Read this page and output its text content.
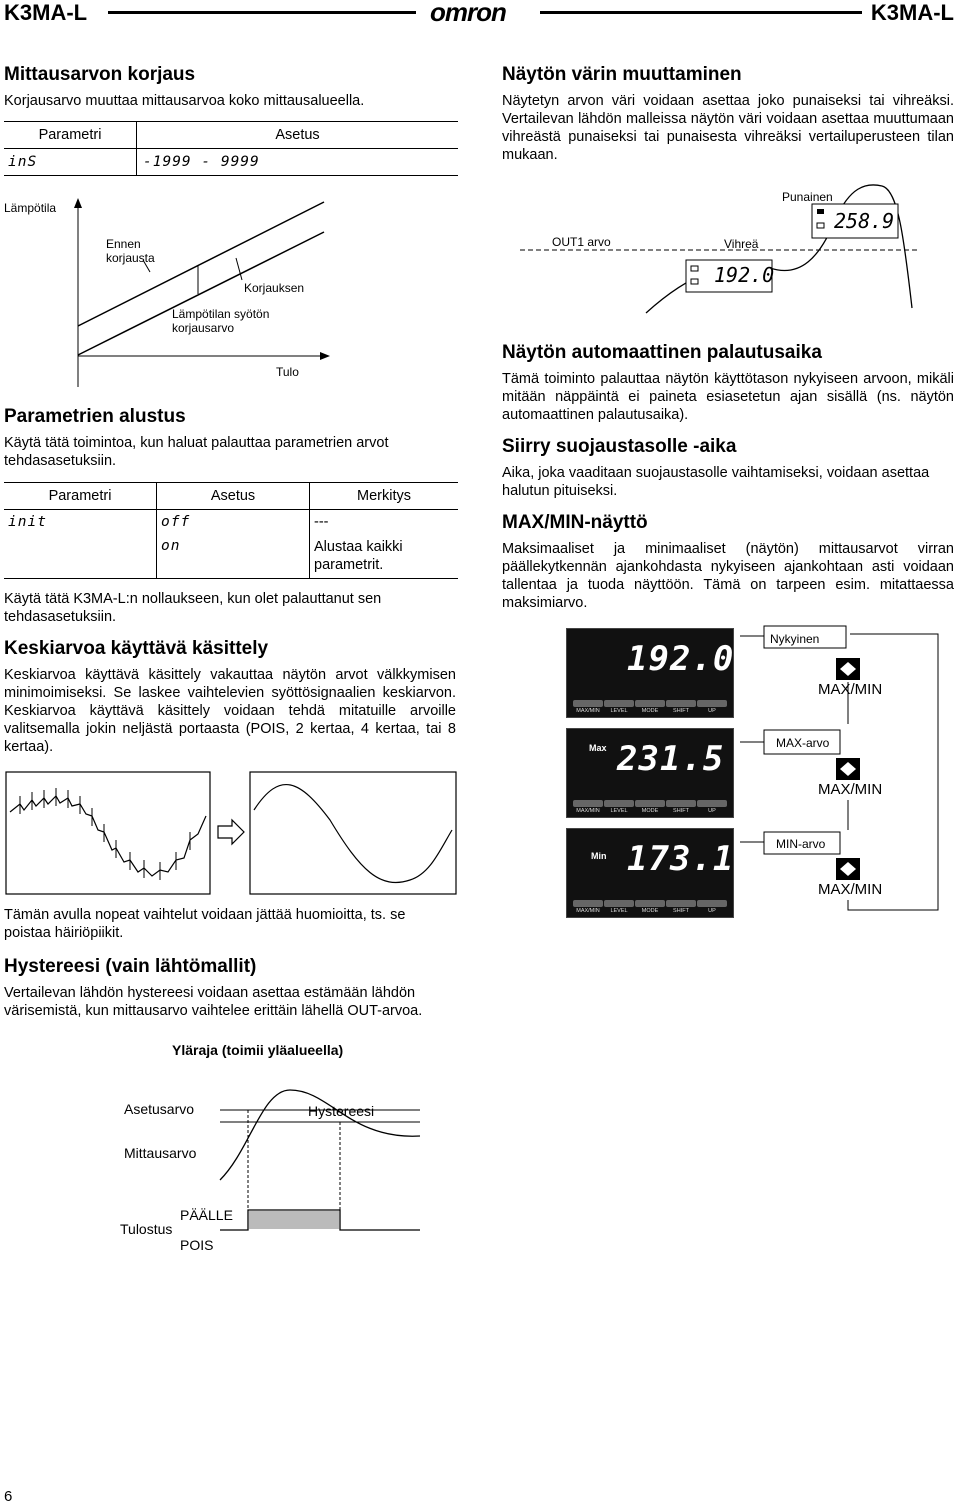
K3MA-L	omron	K3MA-L
Mittausarvon korjaus

Korjausarvo muuttaa mittausarvoa koko mittausalueella.

Parametri	Asetus
inS	-1999 - 9999
Lämpötila
Ennen
korjausta
Korjauksen
Lämpötilan syötön
korjausarvo
Tulo
Näytön värin muuttaminen

Näytetyn arvon väri voidaan asettaa joko punaiseksi tai vihreäksi. Vertailevan lähdön malleissa näytön väri voidaan asettaa muuttumaan vihreästä punaiseksi tai punaisesta vihreäksi vertailuperusteen tilan mukaan.

258.9
192.0
Punainen
OUT1 arvo	Vihreä
Parametrien alustus

Käytä tätä toimintoa, kun haluat palauttaa parametrien arvot tehdasasetuksiin.

Parametri	Asetus	Merkitys
init	off	---
	on	Alustaa kaikki parametrit.

Käytä tätä K3MA-L:n nollaukseen, kun olet palauttanut sen tehdasasetuksiin.

Keskiarvoa käyttävä käsittely

Keskiarvoa käyttävä käsittely vakauttaa näytön arvot välkkymisen minimoimiseksi. Se laskee vaihtelevien syöttösignaalien keskiarvon. Keskiarvoa käyttävä käsittely voidaan tehdä mitatuille arvoille valitsemalla jokin neljästä portaasta (POIS, 2 kertaa, 4 kertaa, tai 8 kertaa).

Tämän avulla nopeat vaihtelut voidaan jättää huomioitta, ts. se poistaa häiriöpiikit.

Hystereesi (vain lähtömallit)

Vertailevan lähdön hystereesi voidaan asettaa estämään lähdön värisemistä, kun mittausarvo vaihtelee erittäin lähellä OUT-arvoa.

Yläraja (toimii yläalueella)
Asetusarvo	Hystereesi
Mittausarvo
PÄÄLLE
Tulostus
POIS
Näytön automaattinen palautusaika

Tämä toiminto palauttaa näytön käyttötason nykyiseen arvoon, mikäli mitään näppäintä ei paineta esiasetetun ajan sisällä (ns. näytön automaattinen palautusaika).

Siirry suojaustasolle -aika

Aika, joka vaaditaan suojaustasolle vaihtamiseksi, voidaan asettaa halutun pituiseksi.

MAX/MIN-näyttö

Maksimaaliset ja minimaaliset (näytön) mittausarvot virran päällekytkennän ajankohdasta nykyiseen ajankohtaan asti voidaan tallentaa ja tuoda näyttöön. Tämä on tarpeen esim. mitattaessa maksimiarvo.

192.0
MAX/MIN	LEVEL	MODE	SHIFT	UP
Max 231.5
MAX/MIN	LEVEL	MODE	SHIFT	UP
Min 173.1
MAX/MIN	LEVEL	MODE	SHIFT	UP
Nykyinen
MAX/MIN
MAX-arvo
MAX/MIN
MIN-arvo
MAX/MIN
6
